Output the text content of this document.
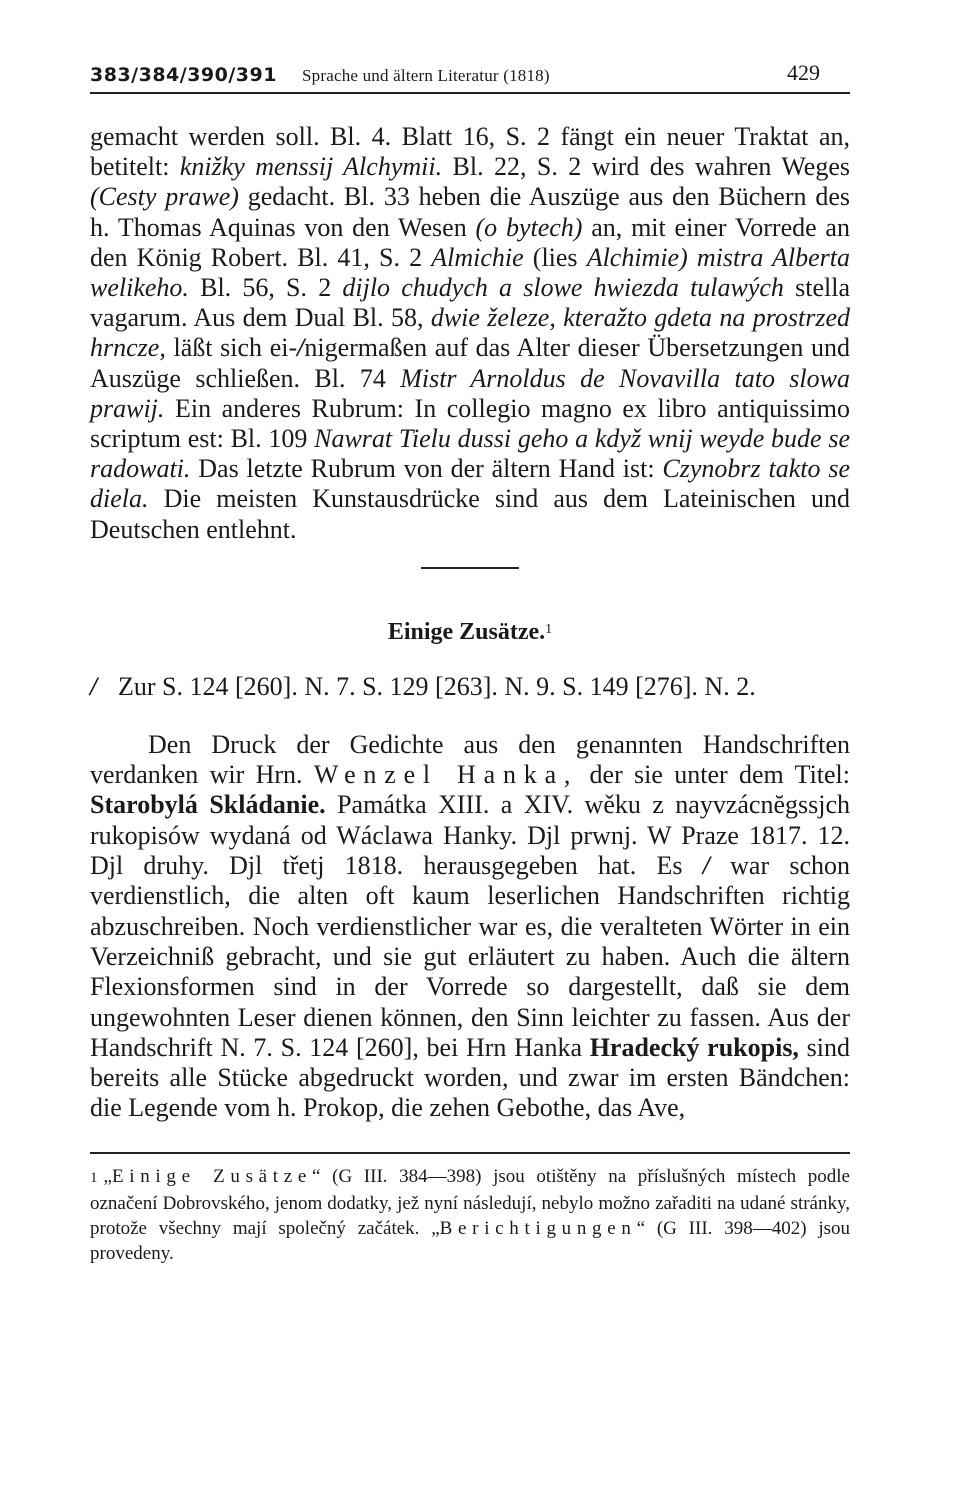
383/384/390/391 Sprache und ältern Literatur (1818)	429

gemacht werden soll. Bl. 4. Blatt 16, S. 2 fängt ein neuer Traktat an, betitelt: knižky menssij Alchymii. Bl. 22, S. 2 wird des wahren Weges (Cesty prawe) gedacht. Bl. 33 heben die Auszüge aus den Büchern des h. Thomas Aquinas von den Wesen (o bytech) an, mit einer Vorrede an den König Robert. Bl. 41, S. 2 Almichie (lies Alchimie) mistra Alberta welikeho. Bl. 56, S. 2 dijlo chudych a slowe hwiezda tulawých stella vagarum. Aus dem Dual Bl. 58, dwie železe, kteražto gdeta na prostrzed hrncze, läßt sich ei-/nigermaßen auf das Alter dieser Übersetzungen und Auszüge schließen. Bl. 74 Mistr Arnoldus de Novavilla tato slowa prawij. Ein anderes Rubrum: In collegio magno ex libro antiquissimo scriptum est: Bl. 109 Nawrat Tielu dussi geho a když wnij weyde bude se radowati. Das letzte Rubrum von der ältern Hand ist: Czynobrz takto se diela. Die meisten Kunstausdrücke sind aus dem Lateinischen und Deutschen entlehnt.

Einige Zusätze.$^1$
/ Zur S. 124 [260]. N. 7. S. 129 [263]. N. 9. S. 149 [276]. N. 2.
Den Druck der Gedichte aus den genannten Handschriften verdanken wir Hrn. Wenzel Hanka, der sie unter dem Titel: Starobylá Skládanie. Památka XIII. a XIV. wěku z nayvzácnĕgssjch rukopisów wydaná od Wáclawa Hanky. Djl prwnj. W Praze 1817. 12. Djl druhy. Djl třetj 1818. herausgegeben hat. Es / war schon verdienstlich, die alten oft kaum leserlichen Handschriften richtig abzuschreiben. Noch verdienstlicher war es, die veralteten Wörter in ein Verzeichniß gebracht, und sie gut erläutert zu haben. Auch die ältern Flexionsformen sind in der Vorrede so dargestellt, daß sie dem ungewohnten Leser dienen können, den Sinn leichter zu fassen. Aus der Handschrift N. 7. S. 124 [260], bei Hrn Hanka Hradecký rukopis, sind bereits alle Stücke abgedruckt worden, und zwar im ersten Bändchen: die Legende vom h. Prokop, die zehen Gebothe, das Ave,
1 „Einige Zusätze“ (G III. 384—398) jsou otištěny na příslušných místech podle označení Dobrovského, jenom dodatky, jež nyní následují, nebylo možno zařaditi na udané stránky, protože všechny mají společný začátek. „Berichtigungen“ (G III. 398—402) jsou provedeny.
